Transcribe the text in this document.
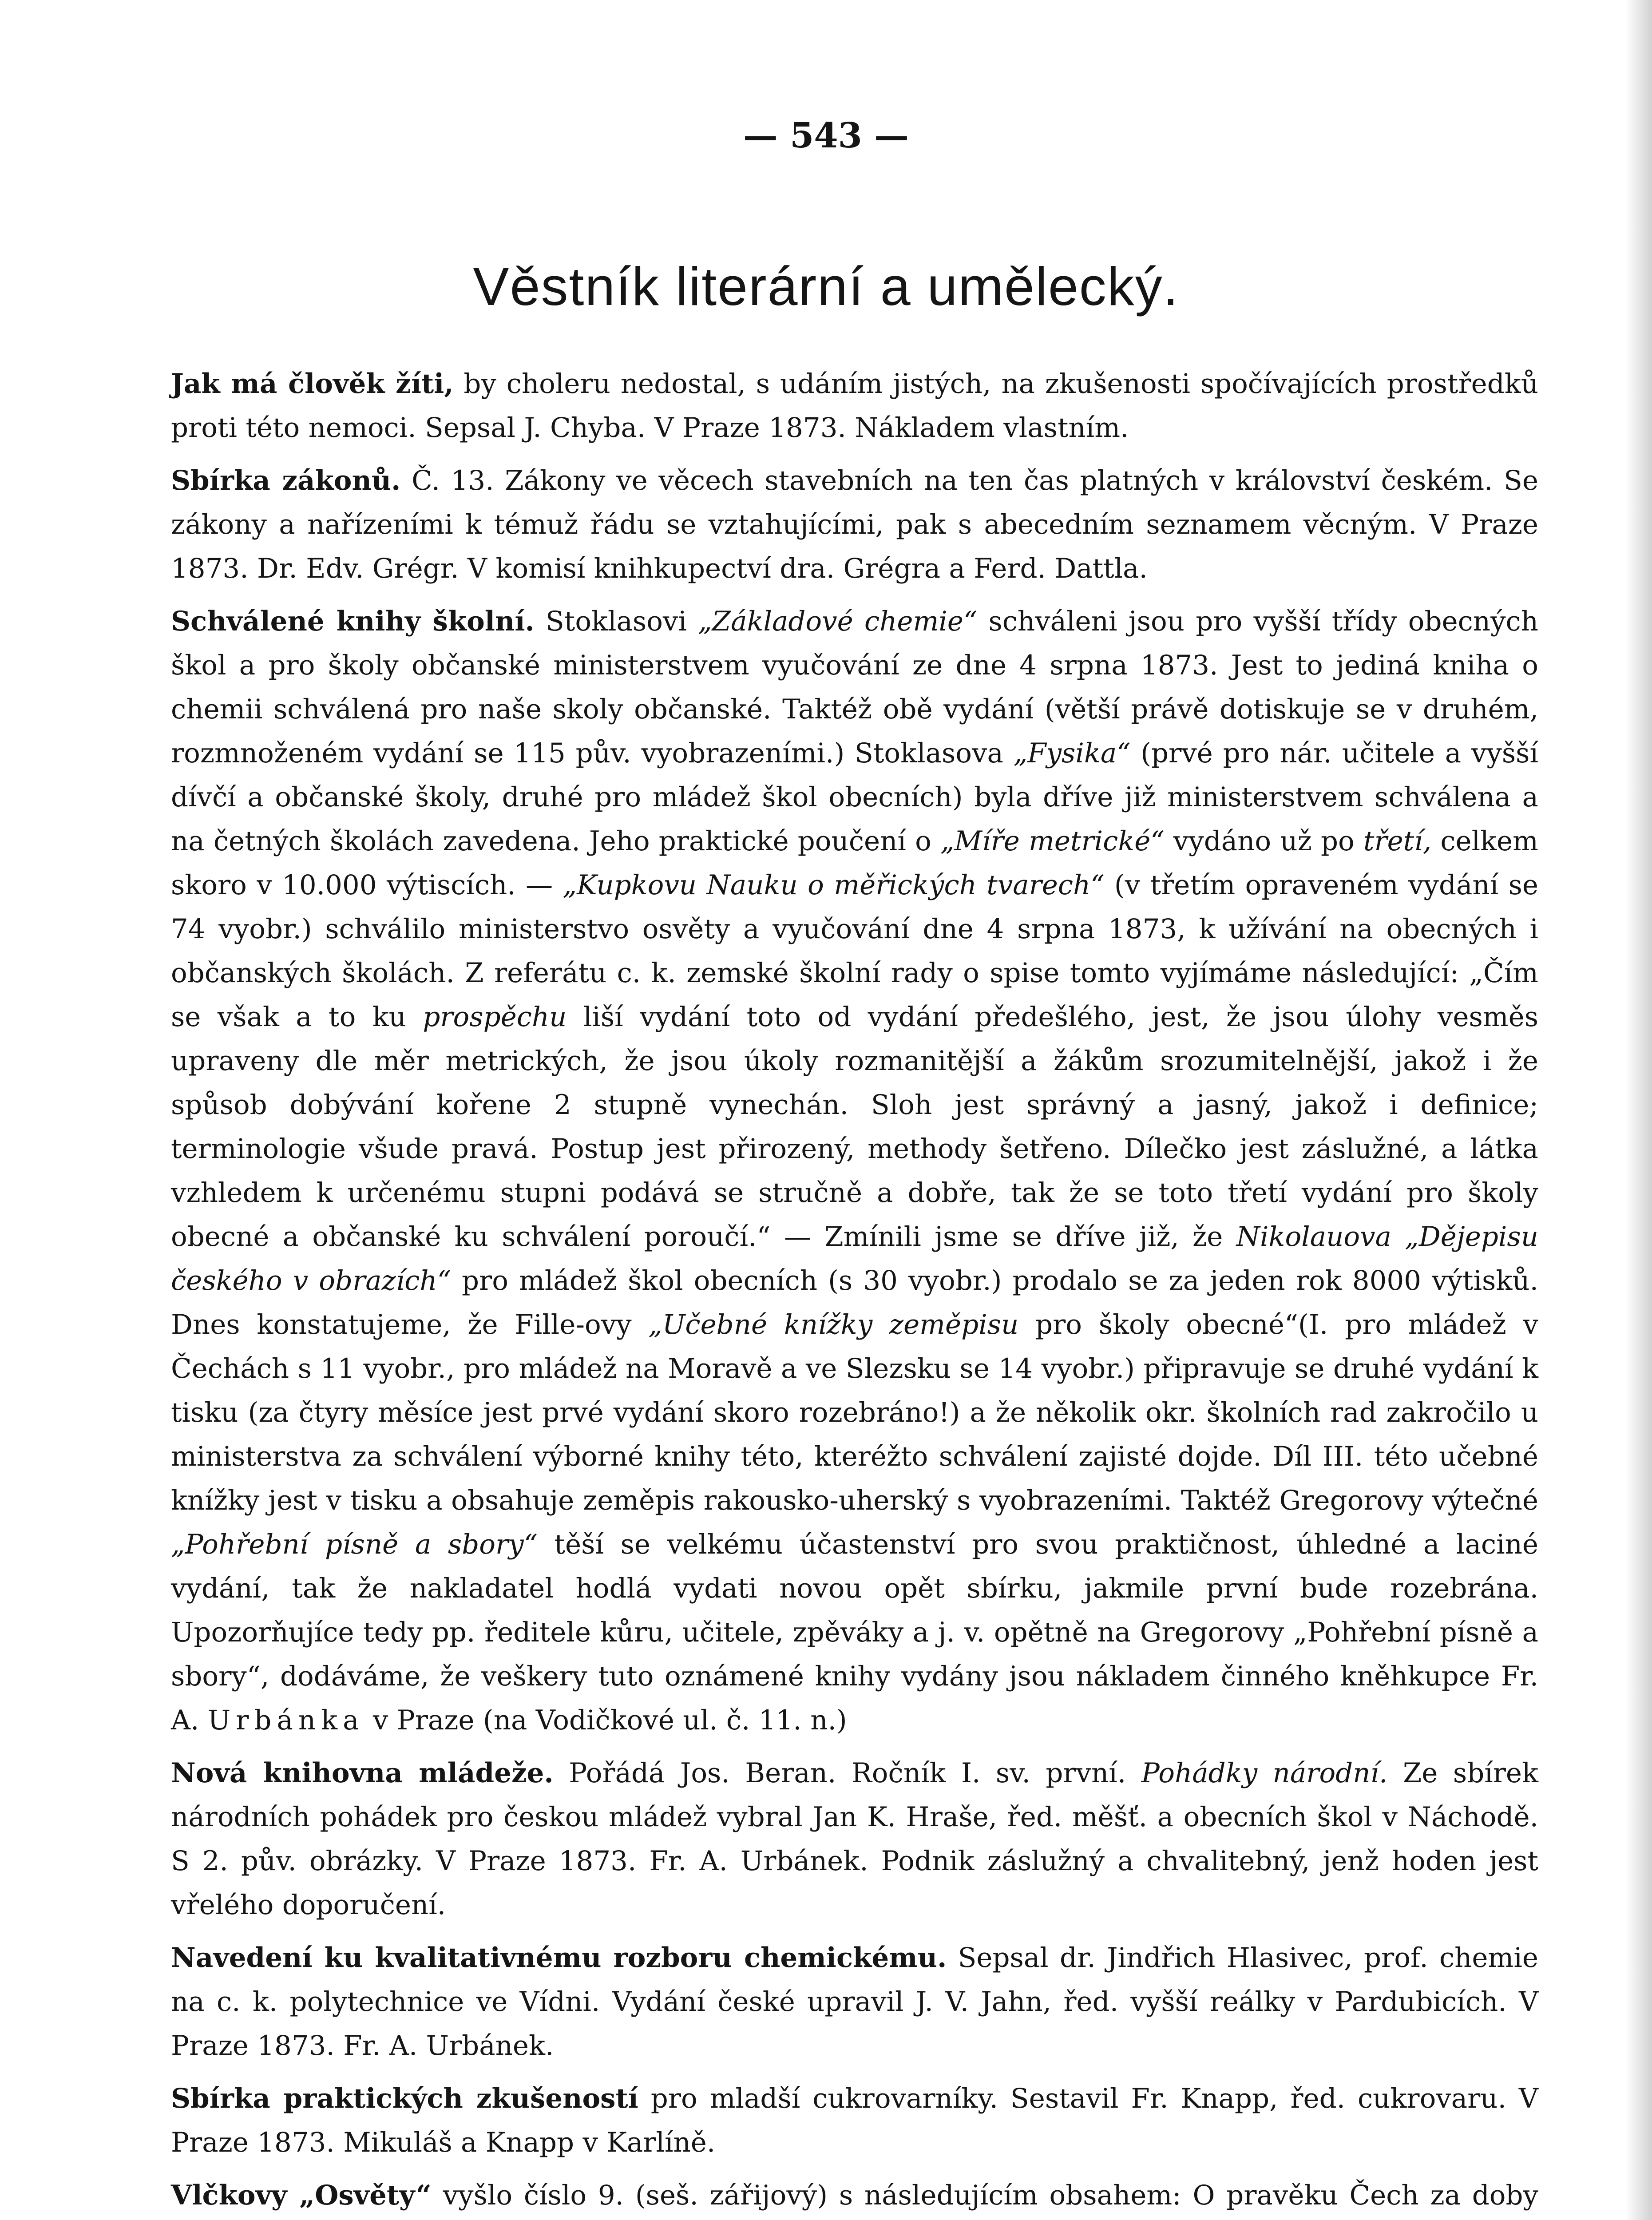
— 543 —
Věstník literární a umělecký.

Jak má člověk žíti, by choleru nedostal, s udáním jistých, na zkušenosti spočívajících prostředků proti této nemoci. Sepsal J. Chyba. V Praze 1873. Nákladem vlastním.

Sbírka zákonů. Č. 13. Zákony ve věcech stavebních na ten čas platných v království českém. Se zákony a nařízeními k témuž řádu se vztahujícími, pak s abecedním seznamem věcným. V Praze 1873. Dr. Edv. Grégr. V komisí knihkupectví dra. Grégra a Ferd. Dattla.

Schválené knihy školní. Stoklasovi „Základové chemie“ schváleni jsou pro vyšší třídy obecných škol a pro školy občanské ministerstvem vyučování ze dne 4 srpna 1873. Jest to jediná kniha o chemii schválená pro naše skoly občanské. Taktéž obě vydání (větší právě dotiskuje se v druhém, rozmnoženém vydání se 115 pův. vyobrazeními.) Stoklasova „Fysika“ (prvé pro nár. učitele a vyšší dívčí a občanské školy, druhé pro mládež škol obecních) byla dříve již ministerstvem schválena a na četných školách zavedena. Jeho praktické poučení o „Míře metrické“ vydáno už po třetí, celkem skoro v 10.000 výtiscích. — „Kupkovu Nauku o měřických tvarech“ (v třetím opraveném vydání se 74 vyobr.) schválilo ministerstvo osvěty a vyučování dne 4 srpna 1873, k užívání na obecných i občanských školách. Z referátu c. k. zemské školní rady o spise tomto vyjímáme následující: „Čím se však a to ku prospěchu liší vydání toto od vydání předešlého, jest, že jsou úlohy vesměs upraveny dle měr metrických, že jsou úkoly rozmanitější a žákům srozumitelnější, jakož i že spůsob dobývání kořene 2 stupně vynechán. Sloh jest správný a jasný, jakož i definice; terminologie všude pravá. Postup jest přirozený, methody šetřeno. Dílečko jest záslužné, a látka vzhledem k určenému stupni podává se stručně a dobře, tak že se toto třetí vydání pro školy obecné a občanské ku schválení poroučí.“ — Zmínili jsme se dříve již, že Nikolauova „Dějepisu českého v obrazích“ pro mládež škol obecních (s 30 vyobr.) prodalo se za jeden rok 8000 výtisků. Dnes konstatujeme, že Fille-ovy „Učebné knížky zeměpisu pro školy obecné“(I. pro mládež v Čechách s 11 vyobr., pro mládež na Moravě a ve Slezsku se 14 vyobr.) připravuje se druhé vydání k tisku (za čtyry měsíce jest prvé vydání skoro rozebráno!) a že několik okr. školních rad zakročilo u ministerstva za schválení výborné knihy této, kteréžto schválení zajisté dojde. Díl III. této učebné knížky jest v tisku a obsahuje zeměpis rakousko-uherský s vyobrazeními. Taktéž Gregorovy výtečné „Pohřební písně a sbory“ těší se velkému účastenství pro svou praktičnost, úhledné a laciné vydání, tak že nakladatel hodlá vydati novou opět sbírku, jakmile první bude rozebrána. Upozorňujíce tedy pp. ředitele kůru, učitele, zpěváky a j. v. opětně na Gregorovy „Pohřební písně a sbory“, dodáváme, že veškery tuto oznámené knihy vydány jsou nákladem činného kněhkupce Fr. A. Urbánka v Praze (na Vodičkové ul. č. 11. n.)

Nová knihovna mládeže. Pořádá Jos. Beran. Ročník I. sv. první. Pohádky národní. Ze sbírek národních pohádek pro českou mládež vybral Jan K. Hraše, řed. měšť. a obecních škol v Náchodě. S 2. pův. obrázky. V Praze 1873. Fr. A. Urbánek. Podnik záslužný a chvalitebný, jenž hoden jest vřelého doporučení.

Navedení ku kvalitativnému rozboru chemickému. Sepsal dr. Jindřich Hlasivec, prof. chemie na c. k. polytechnice ve Vídni. Vydání české upravil J. V. Jahn, řed. vyšší reálky v Pardubicích. V Praze 1873. Fr. A. Urbánek.

Sbírka praktických zkušeností pro mladší cukrovarníky. Sestavil Fr. Knapp, řed. cukrovaru. V Praze 1873. Mikuláš a Knapp v Karlíně.

Vlčkovy „Osvěty“ vyšlo číslo 9. (seš. zářijový) s následujícím obsahem: O pravěku Čech za doby
